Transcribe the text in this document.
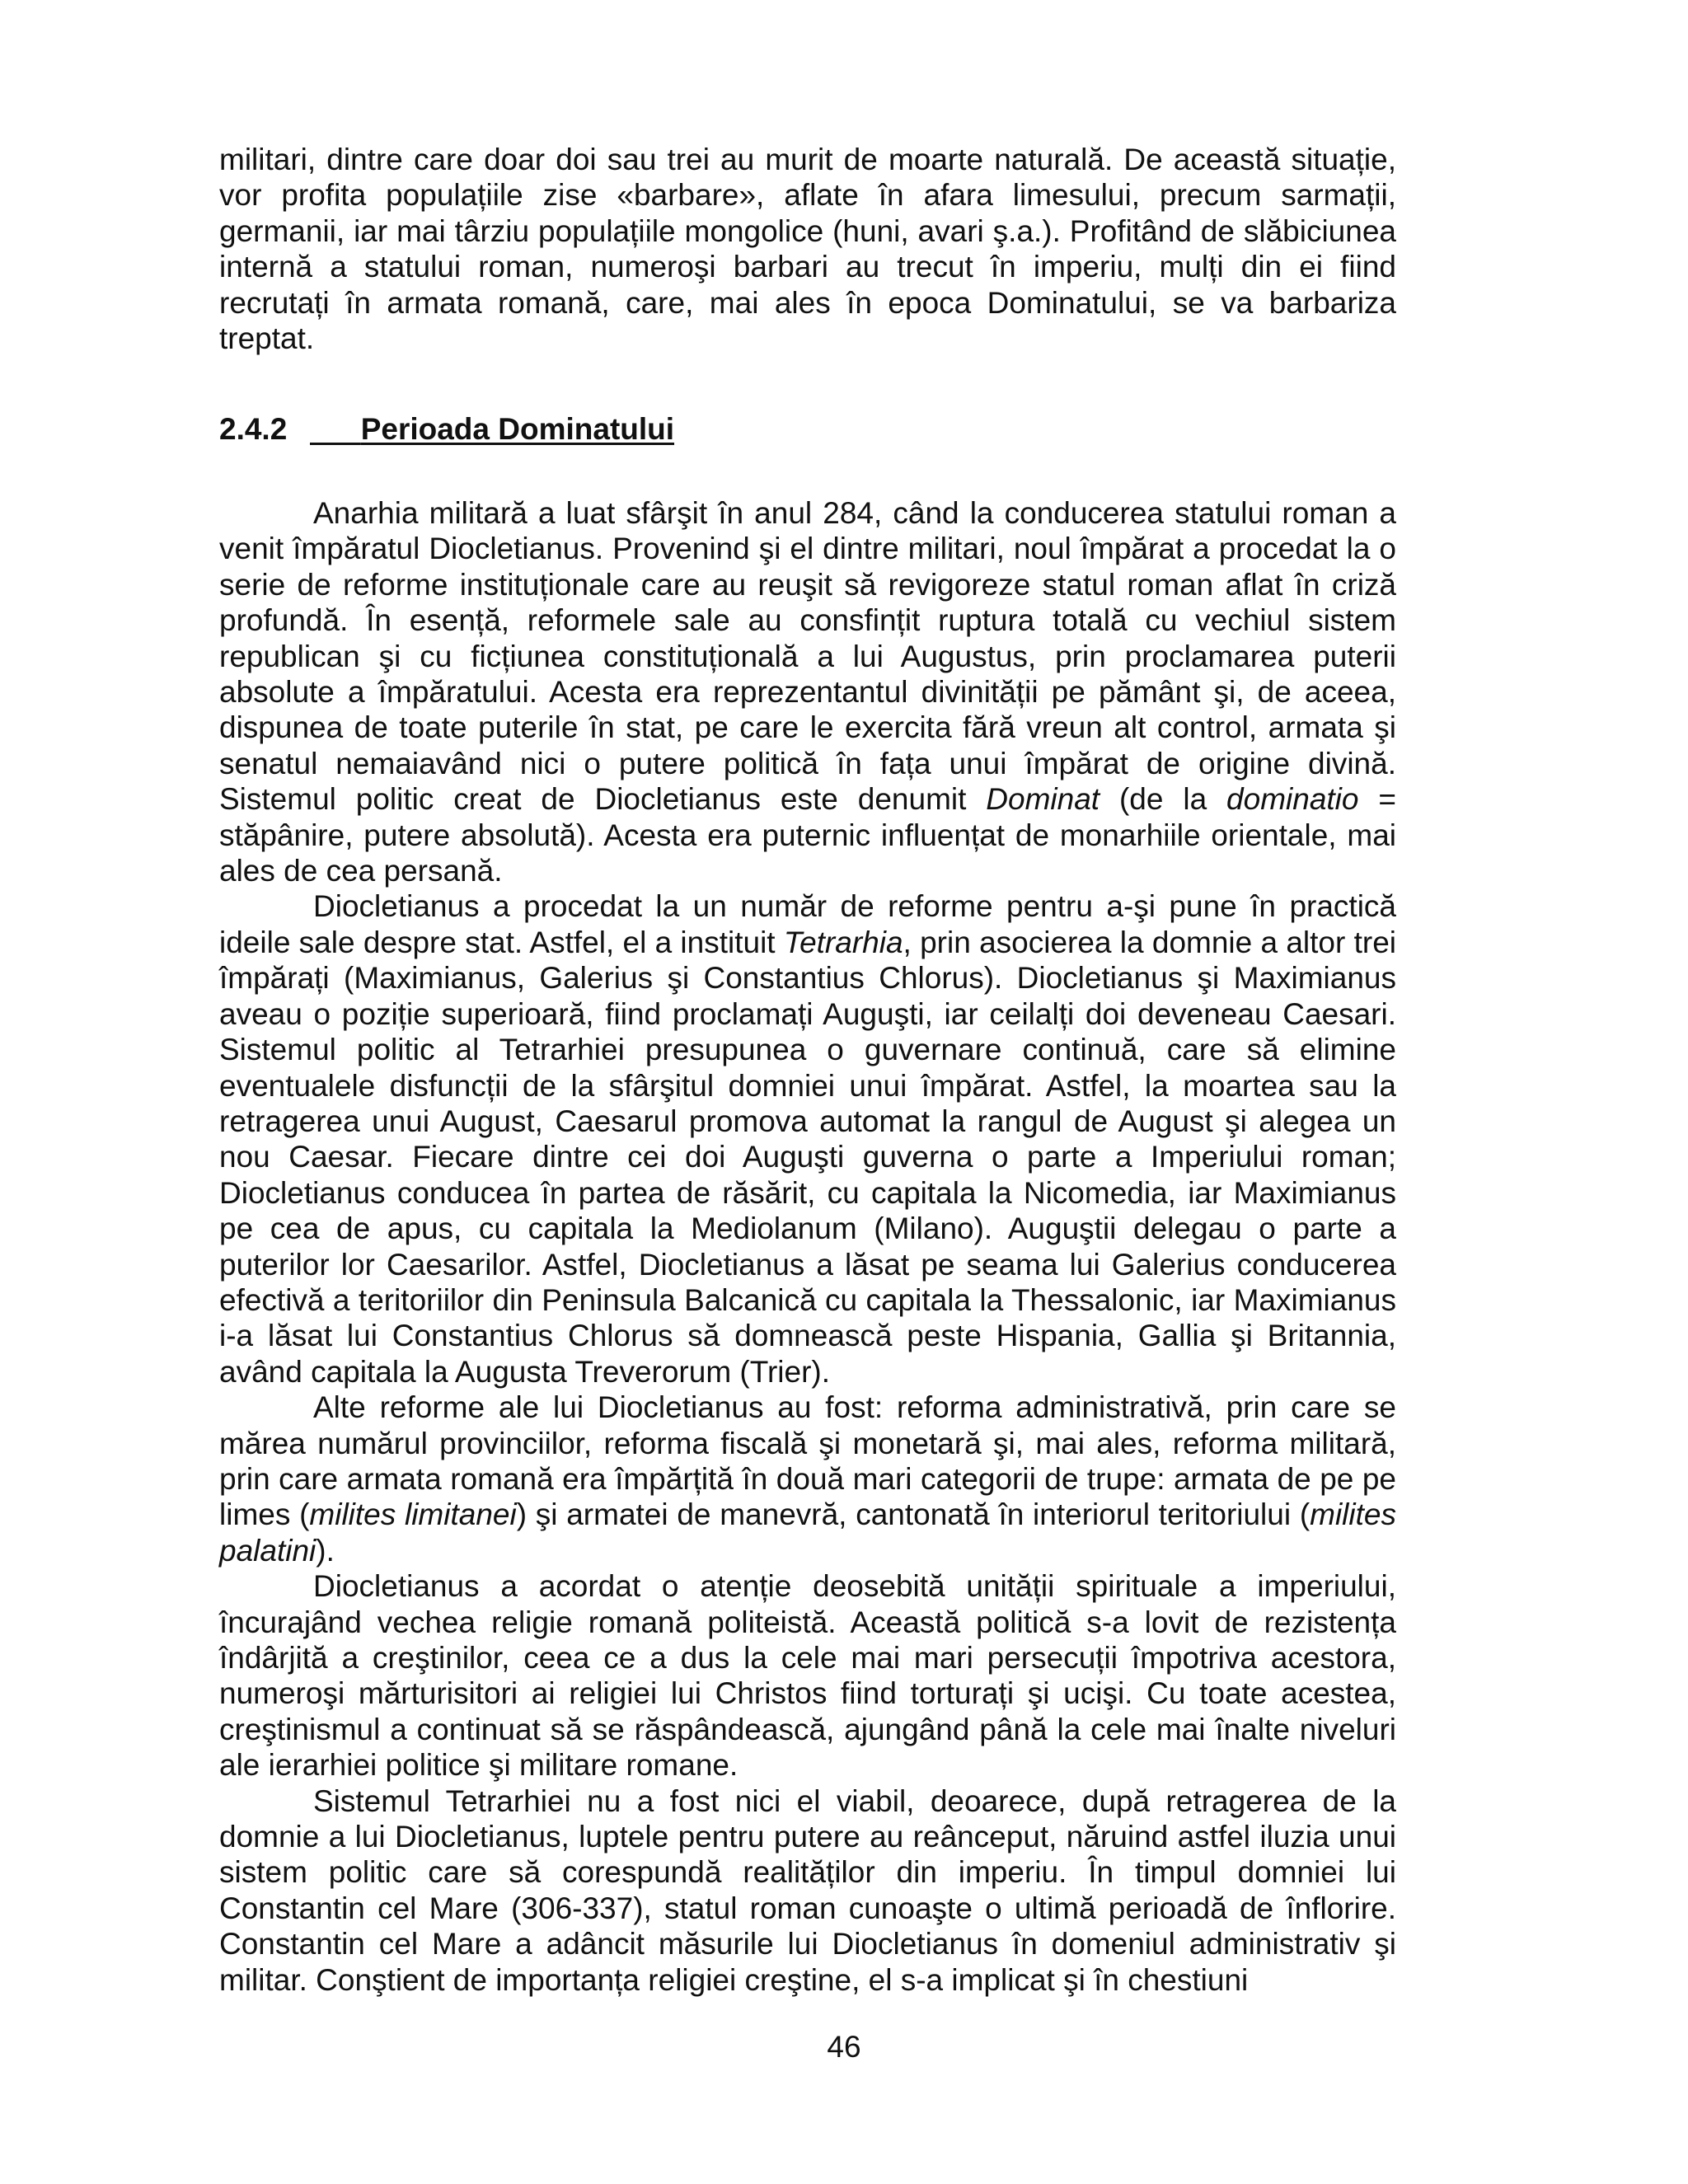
militari, dintre care doar doi sau trei au murit de moarte naturală. De această situație, vor profita populațiile zise «barbare», aflate în afara limesului, precum sarmații, germanii, iar mai târziu populațiile mongolice (huni, avari ş.a.). Profitând de slăbiciunea internă a statului roman, numeroşi barbari au trecut în imperiu, mulți din ei fiind recrutați în armata romană, care, mai ales în epoca Dominatului, se va barbariza treptat.

2.4.2 Perioada Dominatului

Anarhia militară a luat sfârşit în anul 284, când la conducerea statului roman a venit împăratul Diocletianus. Provenind şi el dintre militari, noul împărat a procedat la o serie de reforme instituționale care au reuşit să revigoreze statul roman aflat în criză profundă. În esență, reformele sale au consfințit ruptura totală cu vechiul sistem republican şi cu ficțiunea constituțională a lui Augustus, prin proclamarea puterii absolute a împăratului. Acesta era reprezentantul divinității pe pământ şi, de aceea, dispunea de toate puterile în stat, pe care le exercita fără vreun alt control, armata şi senatul nemaiavând nici o putere politică în fața unui împărat de origine divină. Sistemul politic creat de Diocletianus este denumit Dominat (de la dominatio = stăpânire, putere absolută). Acesta era puternic influențat de monarhiile orientale, mai ales de cea persană.

Diocletianus a procedat la un număr de reforme pentru a-şi pune în practică ideile sale despre stat. Astfel, el a instituit Tetrarhia, prin asocierea la domnie a altor trei împărați (Maximianus, Galerius şi Constantius Chlorus). Diocletianus şi Maximianus aveau o poziție superioară, fiind proclamați Auguşti, iar ceilalți doi deveneau Caesari. Sistemul politic al Tetrarhiei presupunea o guvernare continuă, care să elimine eventualele disfuncții de la sfârşitul domniei unui împărat. Astfel, la moartea sau la retragerea unui August, Caesarul promova automat la rangul de August şi alegea un nou Caesar. Fiecare dintre cei doi Auguşti guverna o parte a Imperiului roman; Diocletianus conducea în partea de răsărit, cu capitala la Nicomedia, iar Maximianus pe cea de apus, cu capitala la Mediolanum (Milano). Auguştii delegau o parte a puterilor lor Caesarilor. Astfel, Diocletianus a lăsat pe seama lui Galerius conducerea efectivă a teritoriilor din Peninsula Balcanică cu capitala la Thessalonic, iar Maximianus i-a lăsat lui Constantius Chlorus să domnească peste Hispania, Gallia şi Britannia, având capitala la Augusta Treverorum (Trier).

Alte reforme ale lui Diocletianus au fost: reforma administrativă, prin care se mărea numărul provinciilor, reforma fiscală şi monetară şi, mai ales, reforma militară, prin care armata romană era împărțită în două mari categorii de trupe: armata de pe pe limes (milites limitanei) şi armatei de manevră, cantonată în interiorul teritoriului (milites palatini).

Diocletianus a acordat o atenție deosebită unității spirituale a imperiului, încurajând vechea religie romană politeistă. Această politică s-a lovit de rezistența îndârjită a creştinilor, ceea ce a dus la cele mai mari persecuții împotriva acestora, numeroşi mărturisitori ai religiei lui Christos fiind torturați şi ucişi. Cu toate acestea, creştinismul a continuat să se răspândească, ajungând până la cele mai înalte niveluri ale ierarhiei politice şi militare romane.

Sistemul Tetrarhiei nu a fost nici el viabil, deoarece, după retragerea de la domnie a lui Diocletianus, luptele pentru putere au reânceput, năruind astfel iluzia unui sistem politic care să corespundă realităților din imperiu. În timpul domniei lui Constantin cel Mare (306-337), statul roman cunoaşte o ultimă perioadă de înflorire. Constantin cel Mare a adâncit măsurile lui Diocletianus în domeniul administrativ şi militar. Conştient de importanța religiei creştine, el s-a implicat şi în chestiuni

46
